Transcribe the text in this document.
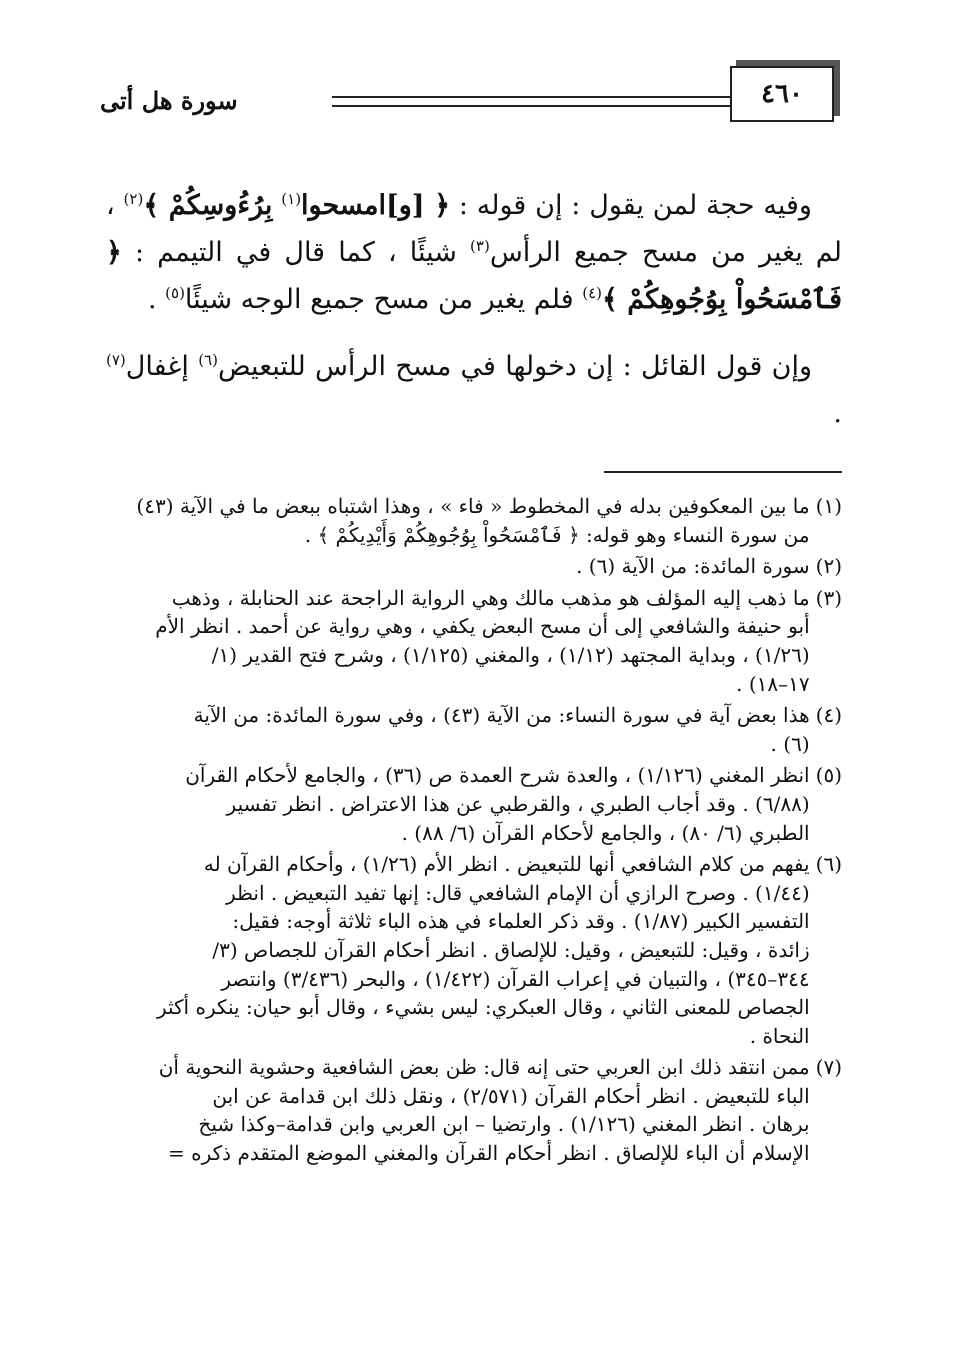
٤٦٠
سورة هل أتى

وفيه حجة لمن يقول : إن قوله : ﴿ [و]امسحوا$^{(١)}$ بِرُءُوسِكُمْ ﴾$^{(٢)}$ ، لم يغير من مسح جميع الرأس$^{(٣)}$ شيئًا ، كما قال في التيمم : ﴿ فَٱمْسَحُواْ بِوُجُوهِكُمْ ﴾$^{(٤)}$ فلم يغير من مسح جميع الوجه شيئًا$^{(٥)}$ .

وإن قول القائل : إن دخولها في مسح الرأس للتبعيض$^{(٦)}$ إغفال$^{(٧)}$ .

(١)
ما بين المعكوفين بدله في المخطوط « فاء » ، وهذا اشتباه ببعض ما في الآية (٤٣)
من سورة النساء وهو قوله: ﴿ فَٱمْسَحُواْ بِوُجُوهِكُمْ وَأَيْدِيكُمْ ﴾ .
(٢)
سورة المائدة: من الآية (٦) .
(٣)
ما ذهب إليه المؤلف هو مذهب مالك وهي الرواية الراجحة عند الحنابلة ، وذهب
أبو حنيفة والشافعي إلى أن مسح البعض يكفي ، وهي رواية عن أحمد . انظر الأم
(١/٢٦) ، وبداية المجتهد (١/١٢) ، والمغني (١/١٢٥) ، وشرح فتح القدير (١/
١٧–١٨) .
(٤)
هذا بعض آية في سورة النساء: من الآية (٤٣) ، وفي سورة المائدة: من الآية
(٦) .
(٥)
انظر المغني (١/١٢٦) ، والعدة شرح العمدة ص (٣٦) ، والجامع لأحكام القرآن
(٦/٨٨) . وقد أجاب الطبري ، والقرطبي عن هذا الاعتراض . انظر تفسير
الطبري (٦/ ٨٠) ، والجامع لأحكام القرآن (٦/ ٨٨) .
(٦)
يفهم من كلام الشافعي أنها للتبعيض . انظر الأم (١/٢٦) ، وأحكام القرآن له
(١/٤٤) . وصرح الرازي أن الإمام الشافعي قال: إنها تفيد التبعيض . انظر
التفسير الكبير (١/٨٧) . وقد ذكر العلماء في هذه الباء ثلاثة أوجه: فقيل:
زائدة ، وقيل: للتبعيض ، وقيل: للإلصاق . انظر أحكام القرآن للجصاص (٣/
٣٤٤–٣٤٥) ، والتبيان في إعراب القرآن (١/٤٢٢) ، والبحر (٣/٤٣٦) وانتصر
الجصاص للمعنى الثاني ، وقال العبكري: ليس بشيء ، وقال أبو حيان: ينكره أكثر
النحاة .
(٧)
ممن انتقد ذلك ابن العربي حتى إنه قال: ظن بعض الشافعية وحشوية النحوية أن
الباء للتبعيض . انظر أحكام القرآن (٢/٥٧١) ، ونقل ذلك ابن قدامة عن ابن
برهان . انظر المغني (١/١٢٦) . وارتضيا – ابن العربي وابن قدامة–وكذا شيخ
الإسلام أن الباء للإلصاق . انظر أحكام القرآن والمغني الموضع المتقدم ذكره =
